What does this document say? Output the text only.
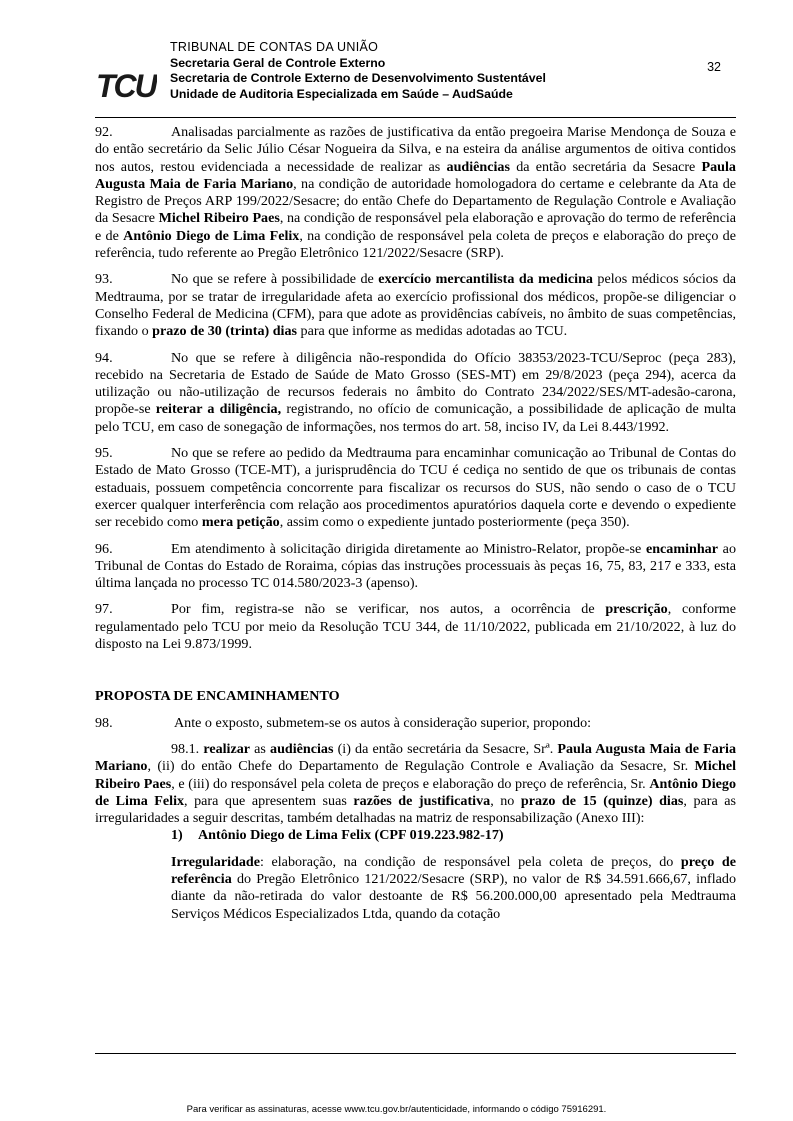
TCU
TRIBUNAL DE CONTAS DA UNIÃO
Secretaria Geral de Controle Externo
Secretaria de Controle Externo de Desenvolvimento Sustentável
Unidade de Auditoria Especializada em Saúde – AudSaúde
32

92.	Analisadas parcialmente as razões de justificativa da então pregoeira Marise Mendonça de Souza e do então secretário da Selic Júlio César Nogueira da Silva, e na esteira da análise argumentos de oitiva contidos nos autos, restou evidenciada a necessidade de realizar as audiências da então secretária da Sesacre Paula Augusta Maia de Faria Mariano, na condição de autoridade homologadora do certame e celebrante da Ata de Registro de Preços ARP 199/2022/Sesacre; do então Chefe do Departamento de Regulação Controle e Avaliação da Sesacre Michel Ribeiro Paes, na condição de responsável pela elaboração e aprovação do termo de referência e de Antônio Diego de Lima Felix, na condição de responsável pela coleta de preços e elaboração do preço de referência, tudo referente ao Pregão Eletrônico 121/2022/Sesacre (SRP).

93.	No que se refere à possibilidade de exercício mercantilista da medicina pelos médicos sócios da Medtrauma, por se tratar de irregularidade afeta ao exercício profissional dos médicos, propõe-se diligenciar o Conselho Federal de Medicina (CFM), para que adote as providências cabíveis, no âmbito de suas competências, fixando o prazo de 30 (trinta) dias para que informe as medidas adotadas ao TCU.

94.	No que se refere à diligência não-respondida do Ofício 38353/2023-TCU/Seproc (peça 283), recebido na Secretaria de Estado de Saúde de Mato Grosso (SES-MT) em 29/8/2023 (peça 294), acerca da utilização ou não-utilização de recursos federais no âmbito do Contrato 234/2022/SES/MT-adesão-carona, propõe-se reiterar a diligência, registrando, no ofício de comunicação, a possibilidade de aplicação de multa pelo TCU, em caso de sonegação de informações, nos termos do art. 58, inciso IV, da Lei 8.443/1992.

95.	No que se refere ao pedido da Medtrauma para encaminhar comunicação ao Tribunal de Contas do Estado de Mato Grosso (TCE-MT), a jurisprudência do TCU é cediça no sentido de que os tribunais de contas estaduais, possuem competência concorrente para fiscalizar os recursos do SUS, não sendo o caso de o TCU exercer qualquer interferência com relação aos procedimentos apuratórios daquela corte e devendo o expediente ser recebido como mera petição, assim como o expediente juntado posteriormente (peça 350).

96.	Em atendimento à solicitação dirigida diretamente ao Ministro-Relator, propõe-se encaminhar ao Tribunal de Contas do Estado de Roraima, cópias das instruções processuais às peças 16, 75, 83, 217 e 333, esta última lançada no processo TC 014.580/2023-3 (apenso).

97.	Por fim, registra-se não se verificar, nos autos, a ocorrência de prescrição, conforme regulamentado pelo TCU por meio da Resolução TCU 344, de 11/10/2022, publicada em 21/10/2022, à luz do disposto na Lei 9.873/1999.

PROPOSTA DE ENCAMINHAMENTO

98.	Ante o exposto, submetem-se os autos à consideração superior, propondo:

98.1. realizar as audiências (i) da então secretária da Sesacre, Srª. Paula Augusta Maia de Faria Mariano, (ii) do então Chefe do Departamento de Regulação Controle e Avaliação da Sesacre, Sr. Michel Ribeiro Paes, e (iii) do responsável pela coleta de preços e elaboração do preço de referência, Sr. Antônio Diego de Lima Felix, para que apresentem suas razões de justificativa, no prazo de 15 (quinze) dias, para as irregularidades a seguir descritas, também detalhadas na matriz de responsabilização (Anexo III):

1) Antônio Diego de Lima Felix (CPF 019.223.982-17)

Irregularidade: elaboração, na condição de responsável pela coleta de preços, do preço de referência do Pregão Eletrônico 121/2022/Sesacre (SRP), no valor de R$ 34.591.666,67, inflado diante da não-retirada do valor destoante de R$ 56.200.000,00 apresentado pela Medtrauma Serviços Médicos Especializados Ltda, quando da cotação

Para verificar as assinaturas, acesse www.tcu.gov.br/autenticidade, informando o código 75916291.
